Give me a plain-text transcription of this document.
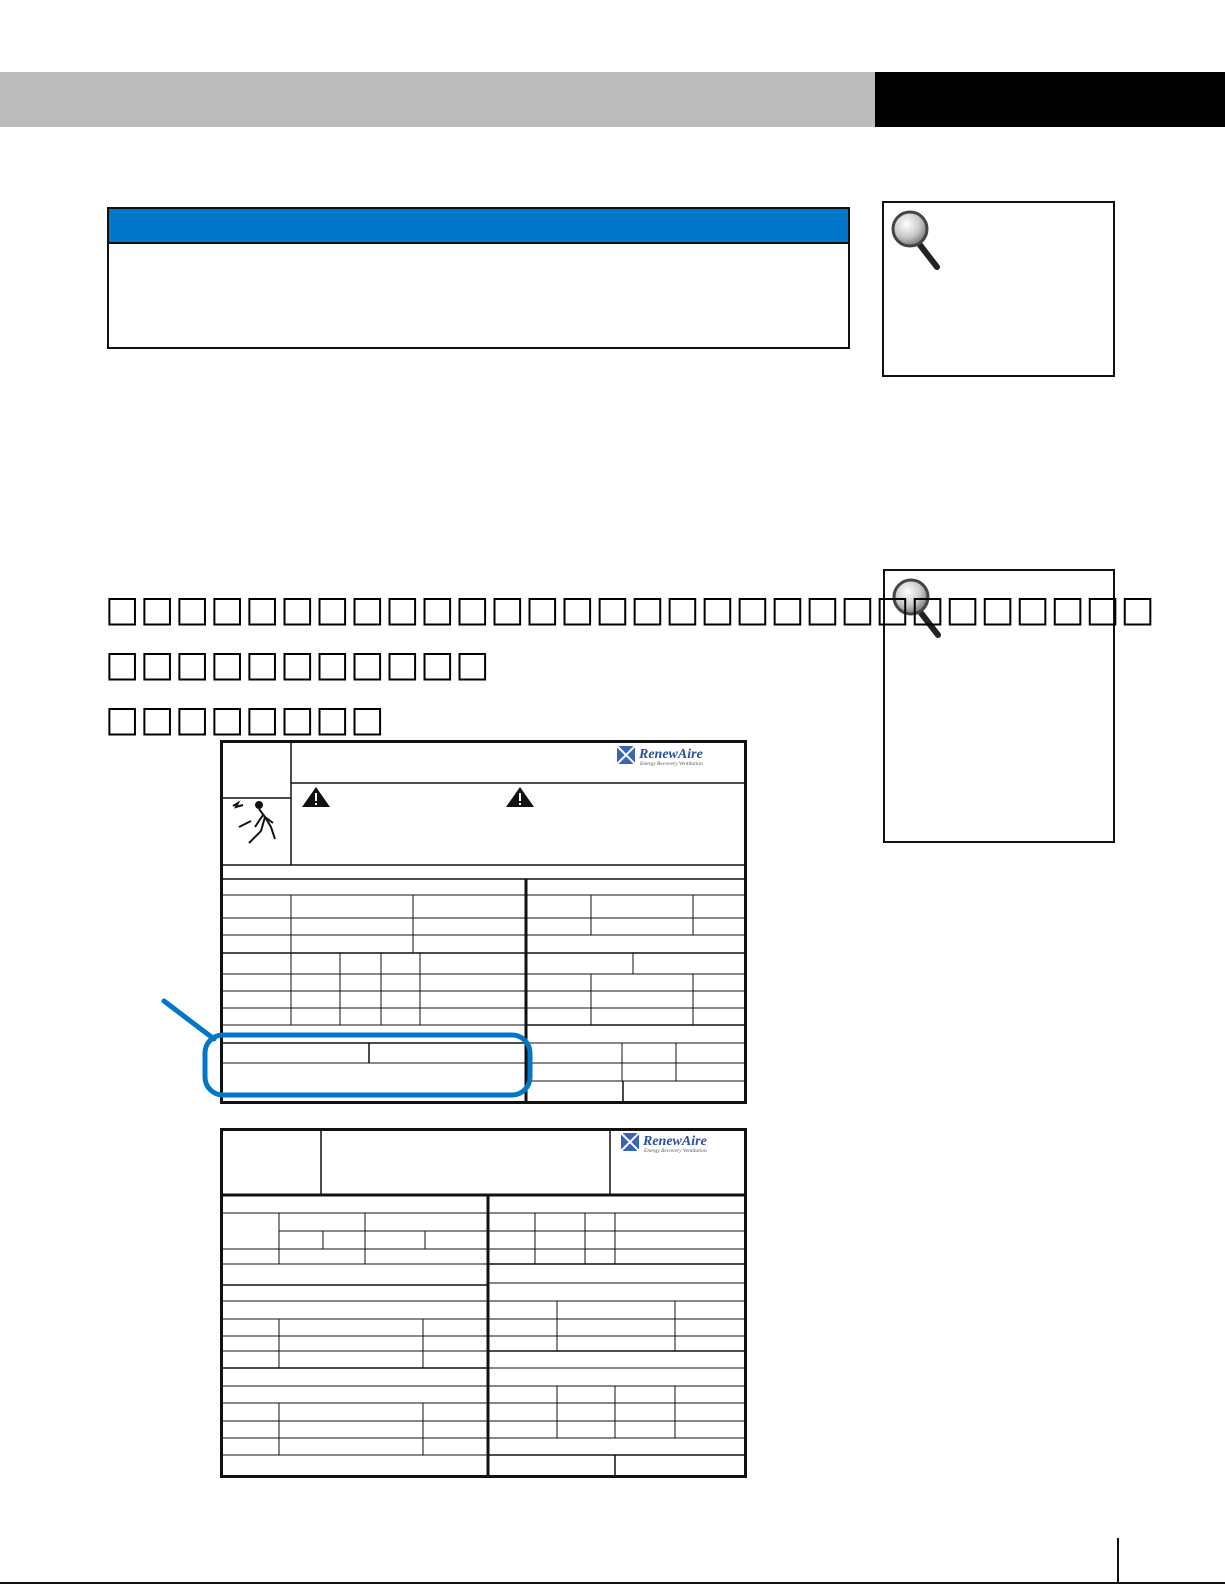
□□□□□□□□□□□□□□□□□□□□□□□□□□□□□□
□□□□□□□□□□□
□□□□□□□□
RenewAire
Energy Recovery Ventilation
RenewAire
Energy Recovery Ventilation
